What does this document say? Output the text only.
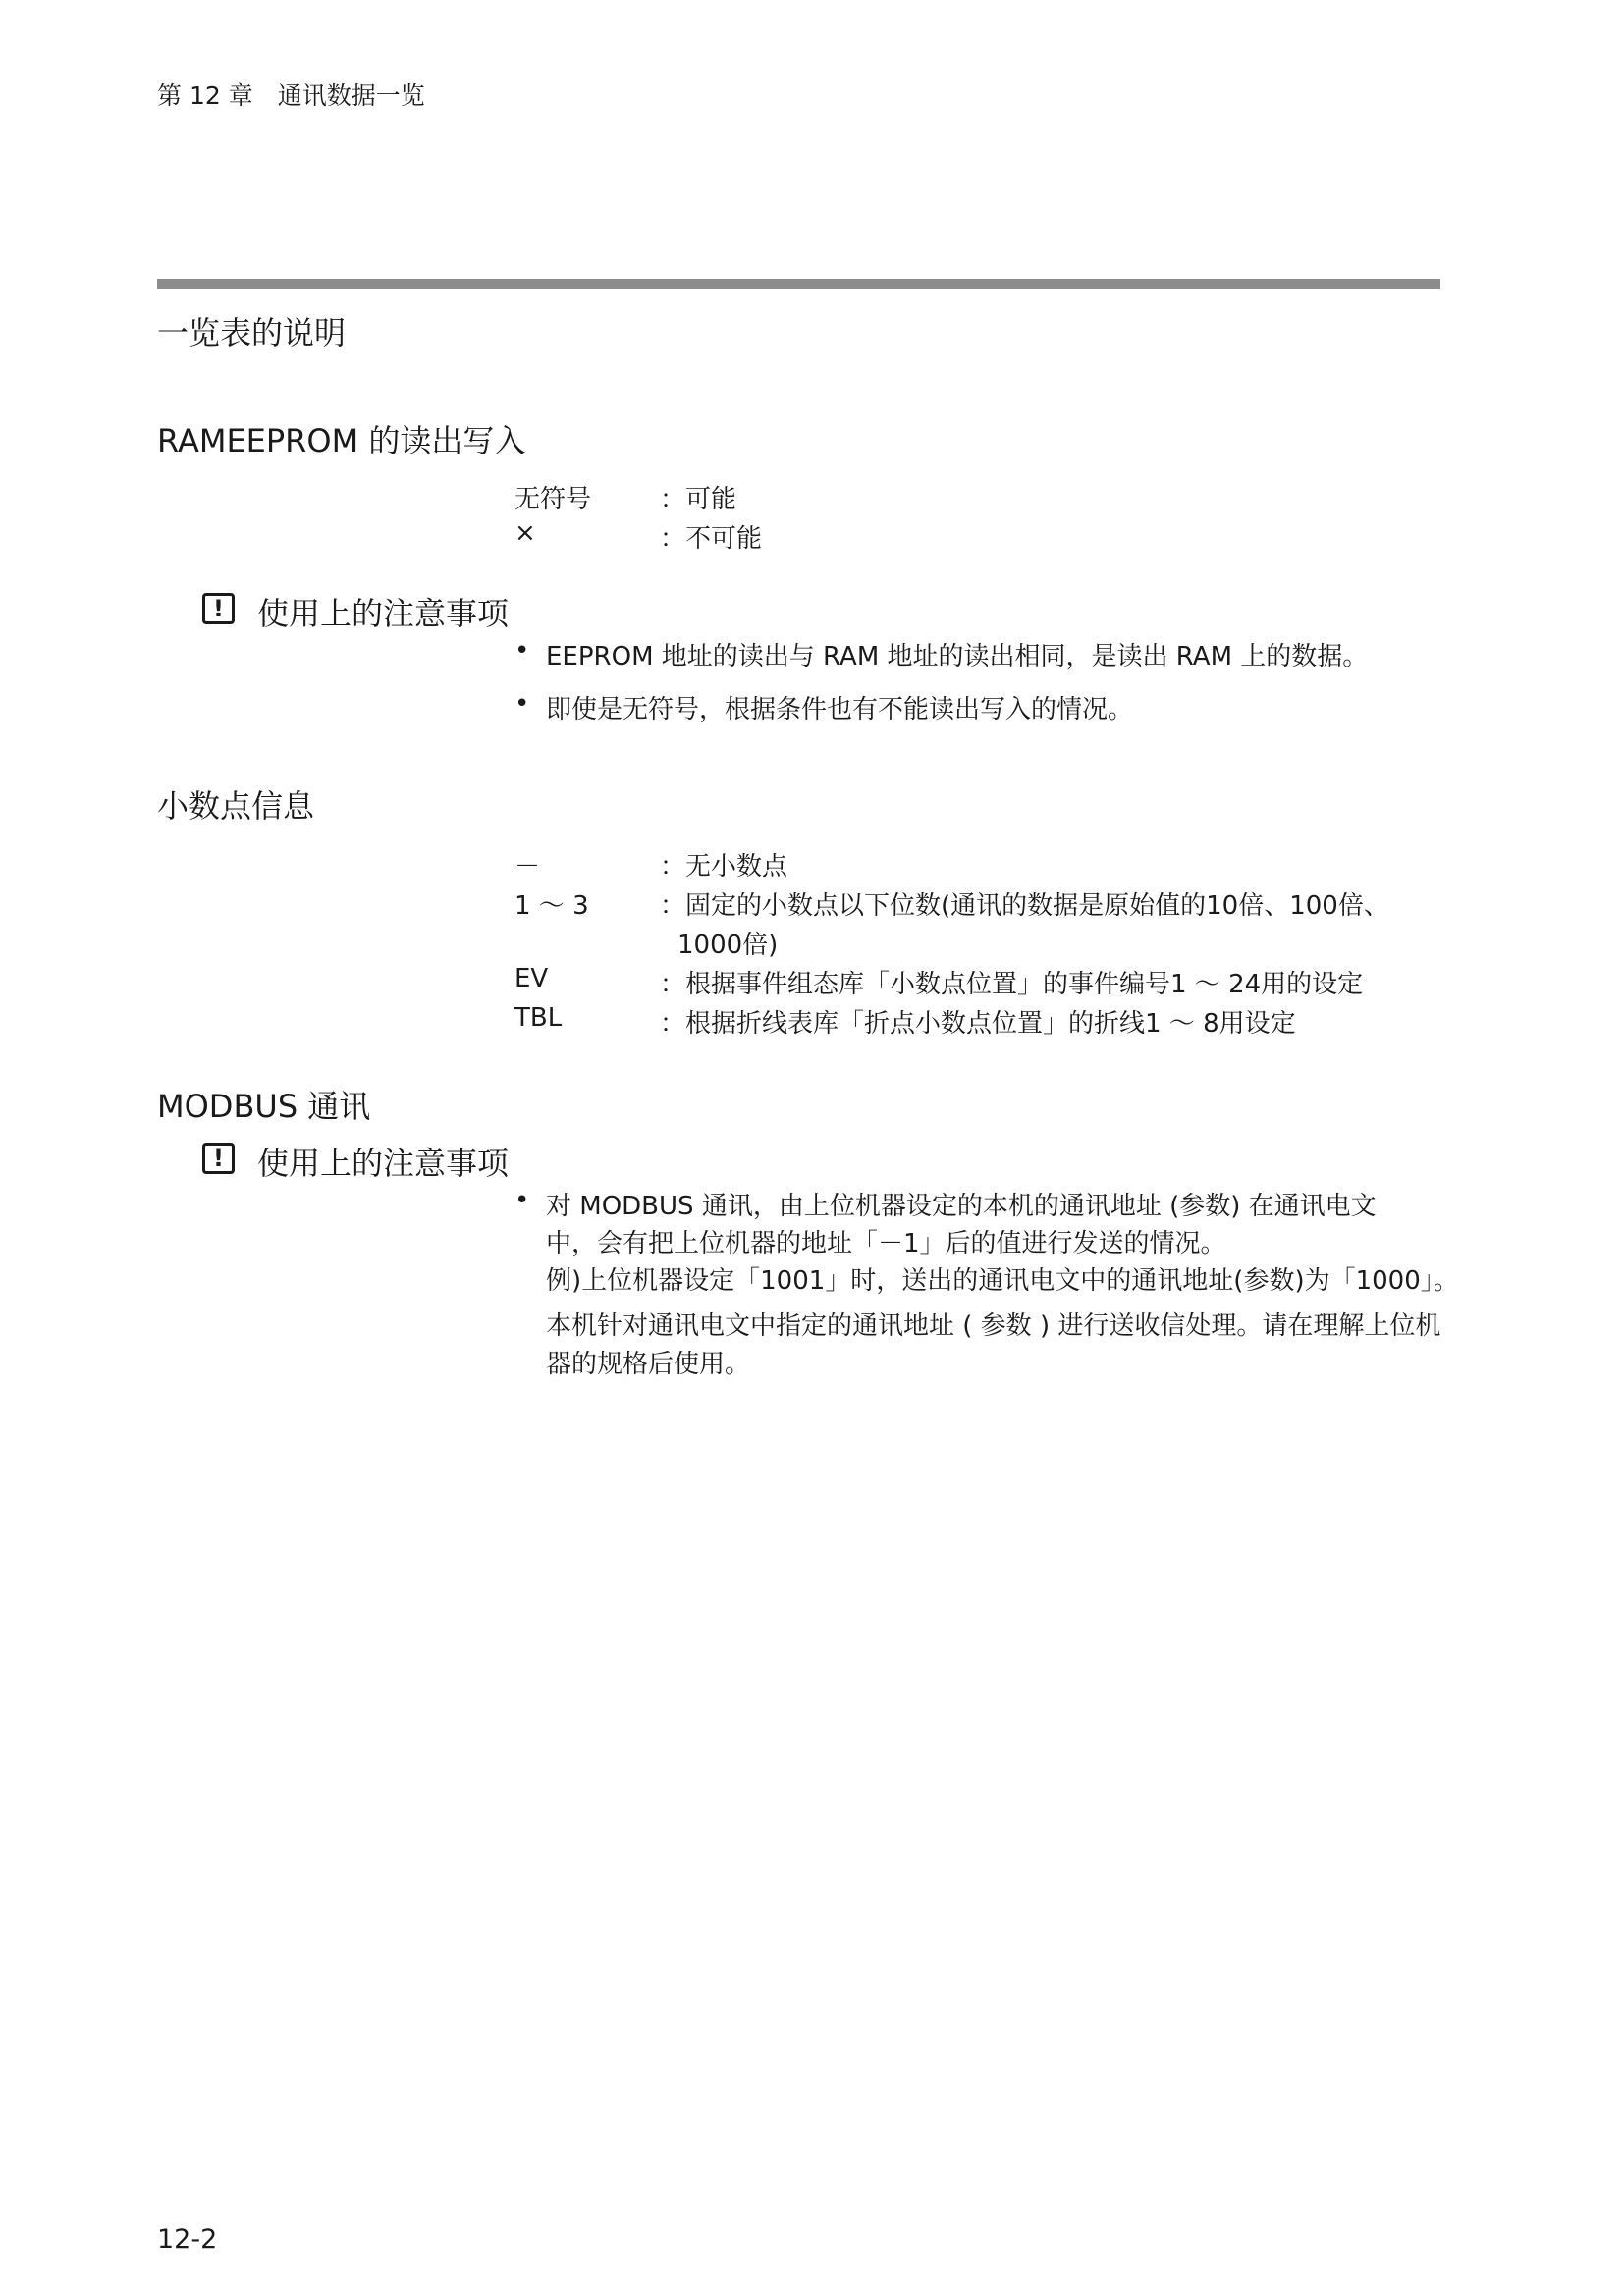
第 12 章　通讯数据一览
一览表的说明
RAMEEPROM 的读出写入
无符号	：可能
×	：不可能
!	使用上的注意事项
• EEPROM 地址的读出与 RAM 地址的读出相同，是读出 RAM 上的数据。
• 即使是无符号，根据条件也有不能读出写入的情况。
小数点信息
－	：无小数点
1 ～ 3	：固定的小数点以下位数(通讯的数据是原始值的10倍、100倍、
1000倍)
EV	：根据事件组态库「小数点位置」的事件编号1 ～ 24用的设定
TBL	：根据折线表库「折点小数点位置」的折线1 ～ 8用设定
MODBUS 通讯
!	使用上的注意事项
• 对 MODBUS 通讯，由上位机器设定的本机的通讯地址 (参数) 在通讯电文
中，会有把上位机器的地址「－1」后的值进行发送的情况。
例)上位机器设定「1001」时，送出的通讯电文中的通讯地址(参数)为「1000」。
本机针对通讯电文中指定的通讯地址 ( 参数 ) 进行送收信处理。请在理解上位机器的规格后使用。
12-2
